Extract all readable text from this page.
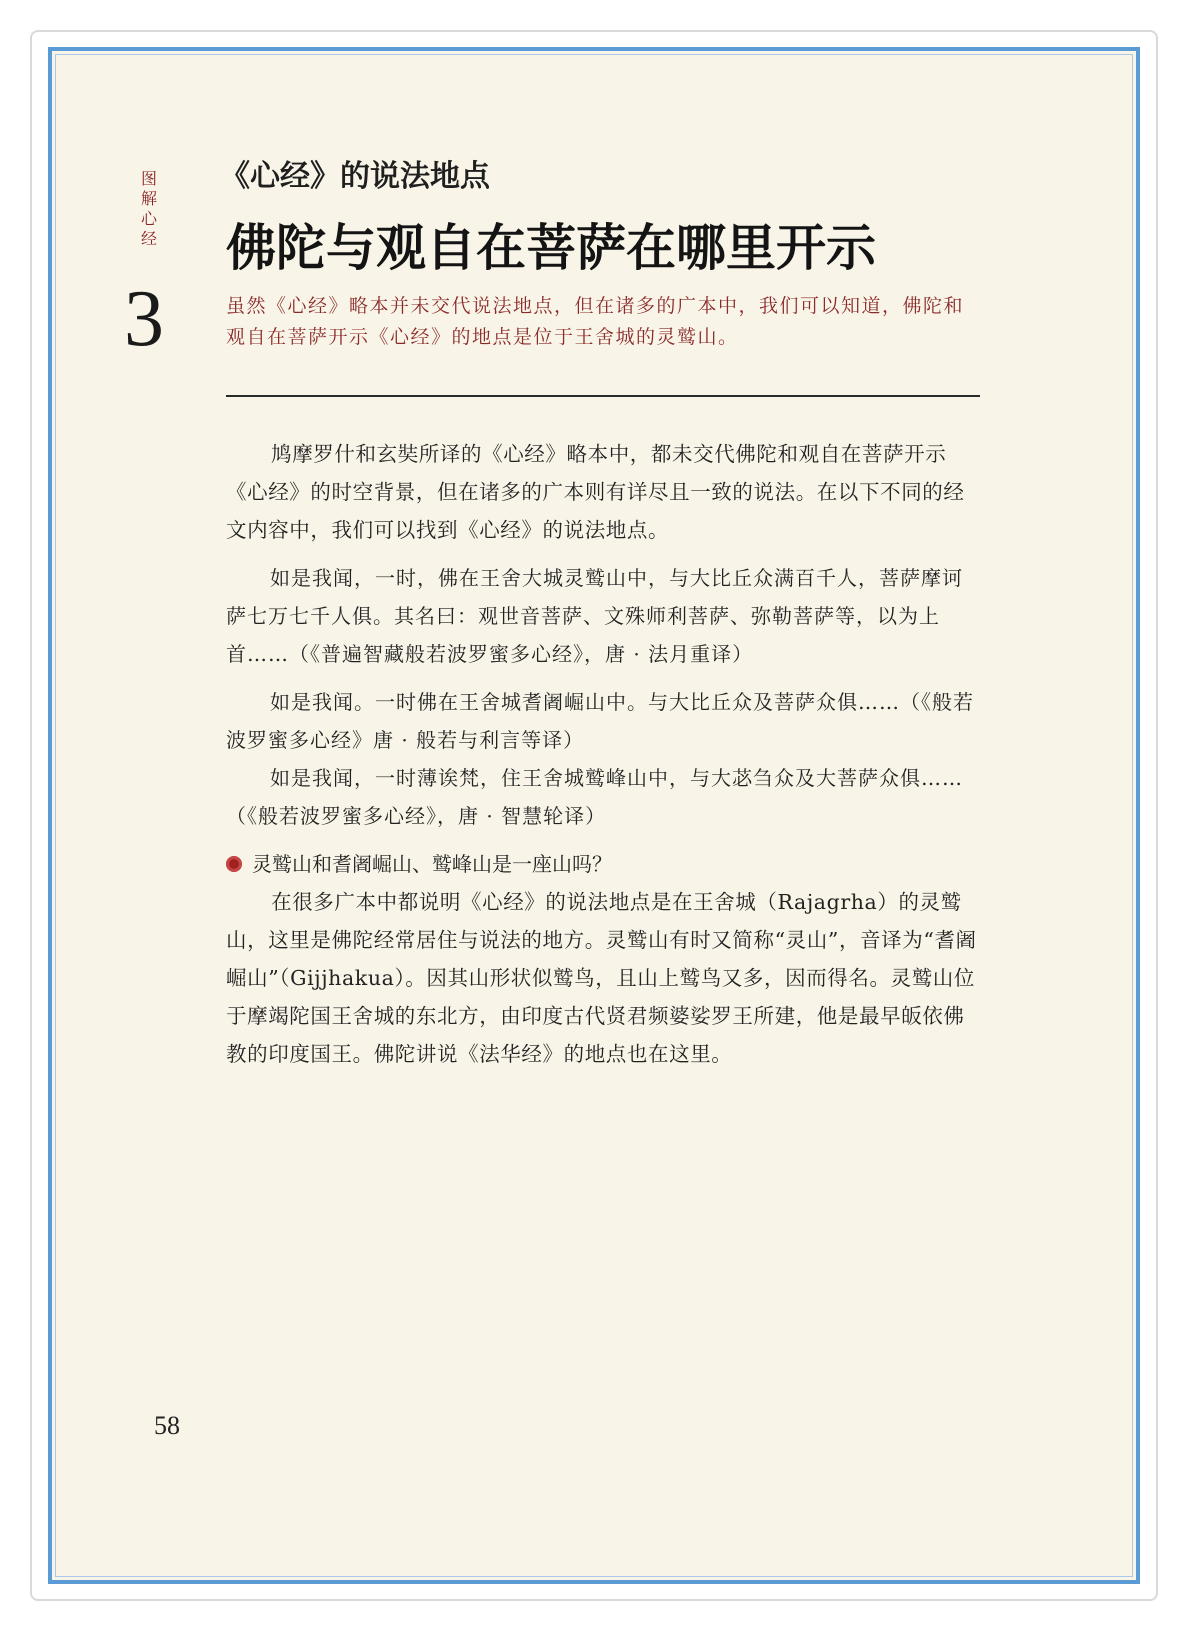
图解心经
3
《心经》的说法地点
佛陀与观自在菩萨在哪里开示
虽然《心经》略本并未交代说法地点，但在诸多的广本中，我们可以知道，佛陀和观自在菩萨开示《心经》的地点是位于王舍城的灵鹫山。

鸠摩罗什和玄奘所译的《心经》略本中，都未交代佛陀和观自在菩萨开示《心经》的时空背景，但在诸多的广本则有详尽且一致的说法。在以下不同的经文内容中，我们可以找到《心经》的说法地点。

如是我闻，一时，佛在王舍大城灵鹫山中，与大比丘众满百千人，菩萨摩诃萨七万七千人俱。其名曰：观世音菩萨、文殊师利菩萨、弥勒菩萨等，以为上首……（《普遍智藏般若波罗蜜多心经》，唐 · 法月重译）

如是我闻。一时佛在王舍城耆阇崛山中。与大比丘众及菩萨众俱……（《般若波罗蜜多心经》唐 · 般若与利言等译）

如是我闻，一时薄诶梵，住王舍城鹫峰山中，与大苾刍众及大菩萨众俱……（《般若波罗蜜多心经》，唐 · 智慧轮译）

灵鹫山和耆阇崛山、鹫峰山是一座山吗？

在很多广本中都说明《心经》的说法地点是在王舍城（Rajagrha）的灵鹫山，这里是佛陀经常居住与说法的地方。灵鹫山有时又简称“灵山”，音译为“耆阇崛山”（Gijjhakua）。因其山形状似鹫鸟，且山上鹫鸟又多，因而得名。灵鹫山位于摩竭陀国王舍城的东北方，由印度古代贤君频婆娑罗王所建，他是最早皈依佛教的印度国王。佛陀讲说《法华经》的地点也在这里。

58
